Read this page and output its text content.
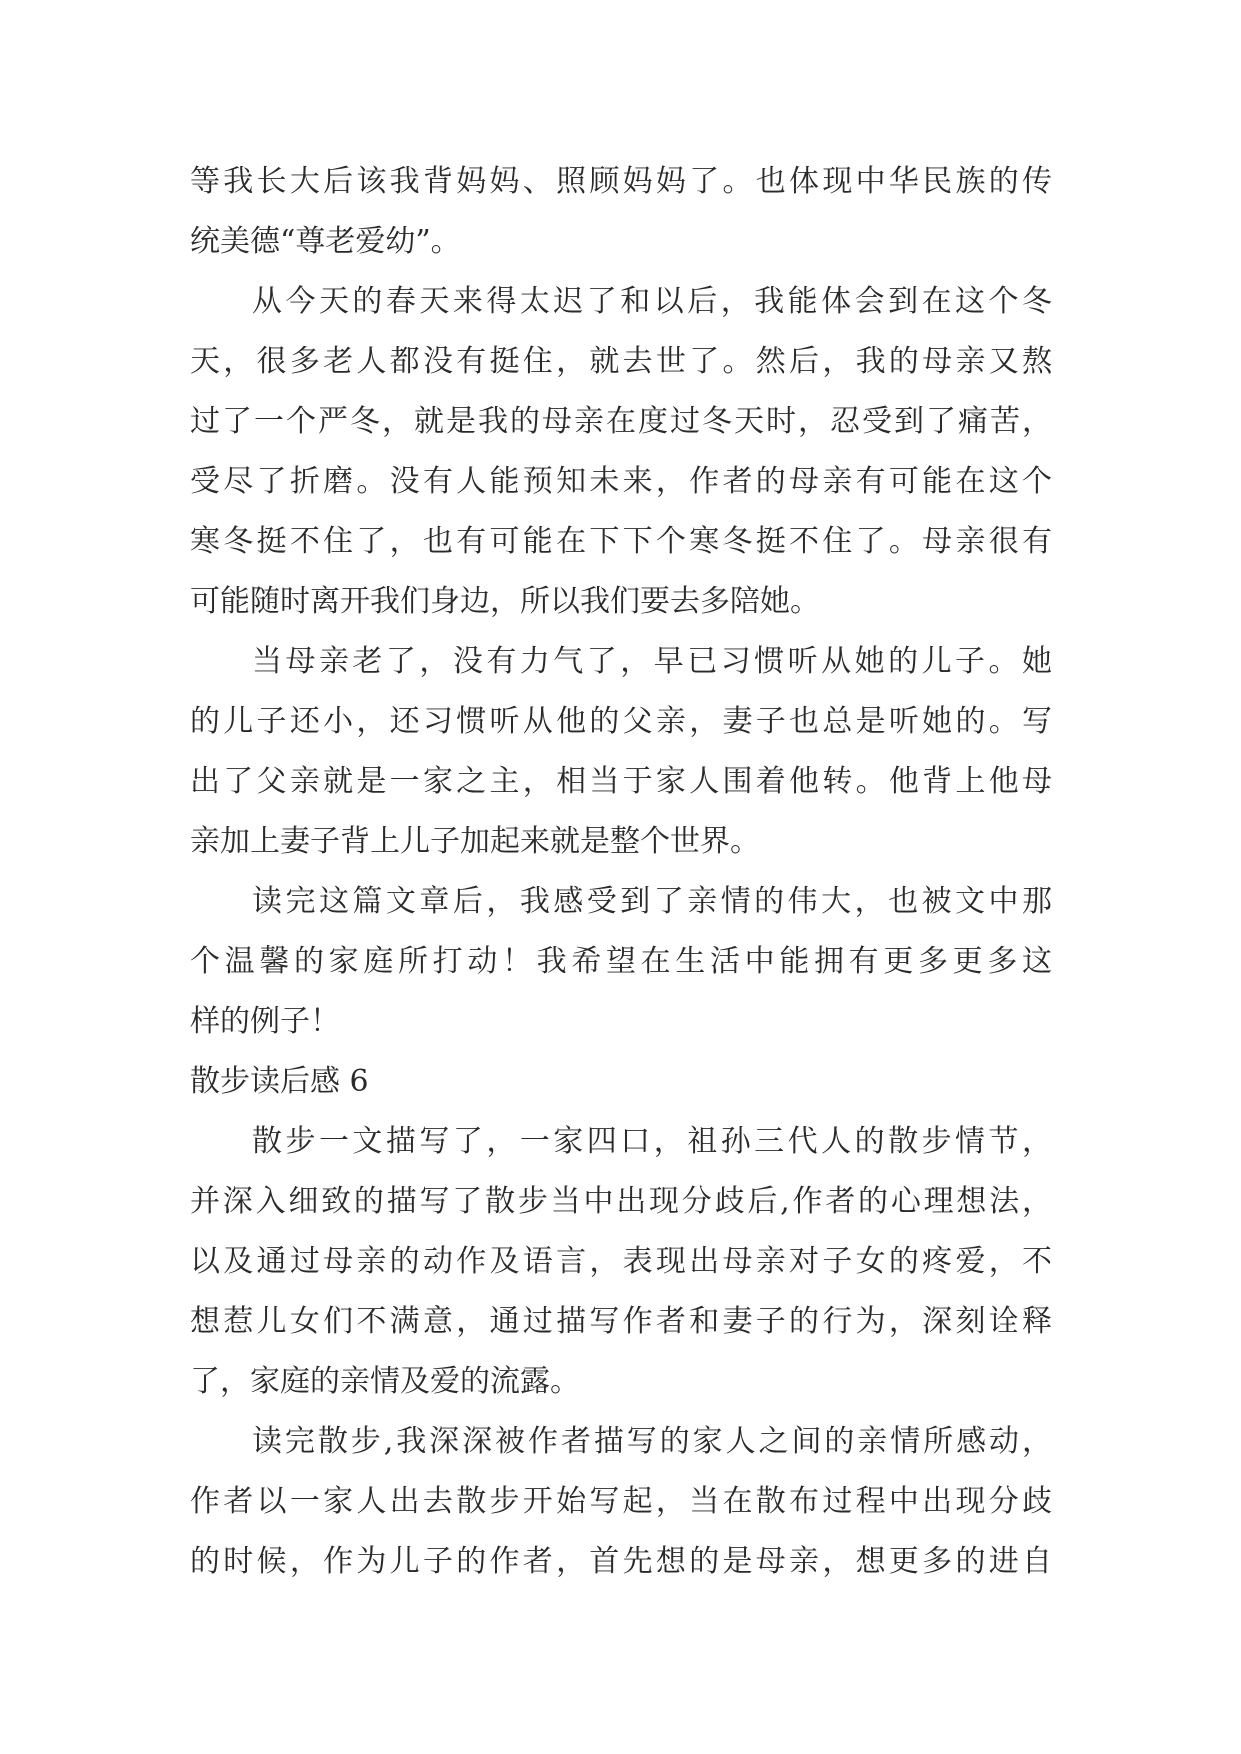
等我长大后该我背妈妈、照顾妈妈了。也体现中华民族的传
统美德“尊老爱幼”。
从今天的春天来得太迟了和以后，我能体会到在这个冬
天，很多老人都没有挺住，就去世了。然后，我的母亲又熬
过了一个严冬，就是我的母亲在度过冬天时，忍受到了痛苦，
受尽了折磨。没有人能预知未来，作者的母亲有可能在这个
寒冬挺不住了，也有可能在下下个寒冬挺不住了。母亲很有
可能随时离开我们身边，所以我们要去多陪她。
当母亲老了，没有力气了，早已习惯听从她的儿子。她
的儿子还小，还习惯听从他的父亲，妻子也总是听她的。写
出了父亲就是一家之主，相当于家人围着他转。他背上他母
亲加上妻子背上儿子加起来就是整个世界。
读完这篇文章后，我感受到了亲情的伟大，也被文中那
个温馨的家庭所打动！我希望在生活中能拥有更多更多这
样的例子！
散步读后感 6
散步一文描写了，一家四口，祖孙三代人的散步情节，
并深入细致的描写了散步当中出现分歧后,作者的心理想法，
以及通过母亲的动作及语言，表现出母亲对子女的疼爱，不
想惹儿女们不满意，通过描写作者和妻子的行为，深刻诠释
了，家庭的亲情及爱的流露。
读完散步,我深深被作者描写的家人之间的亲情所感动，
作者以一家人出去散步开始写起，当在散布过程中出现分歧
的时候，作为儿子的作者，首先想的是母亲，想更多的进自
